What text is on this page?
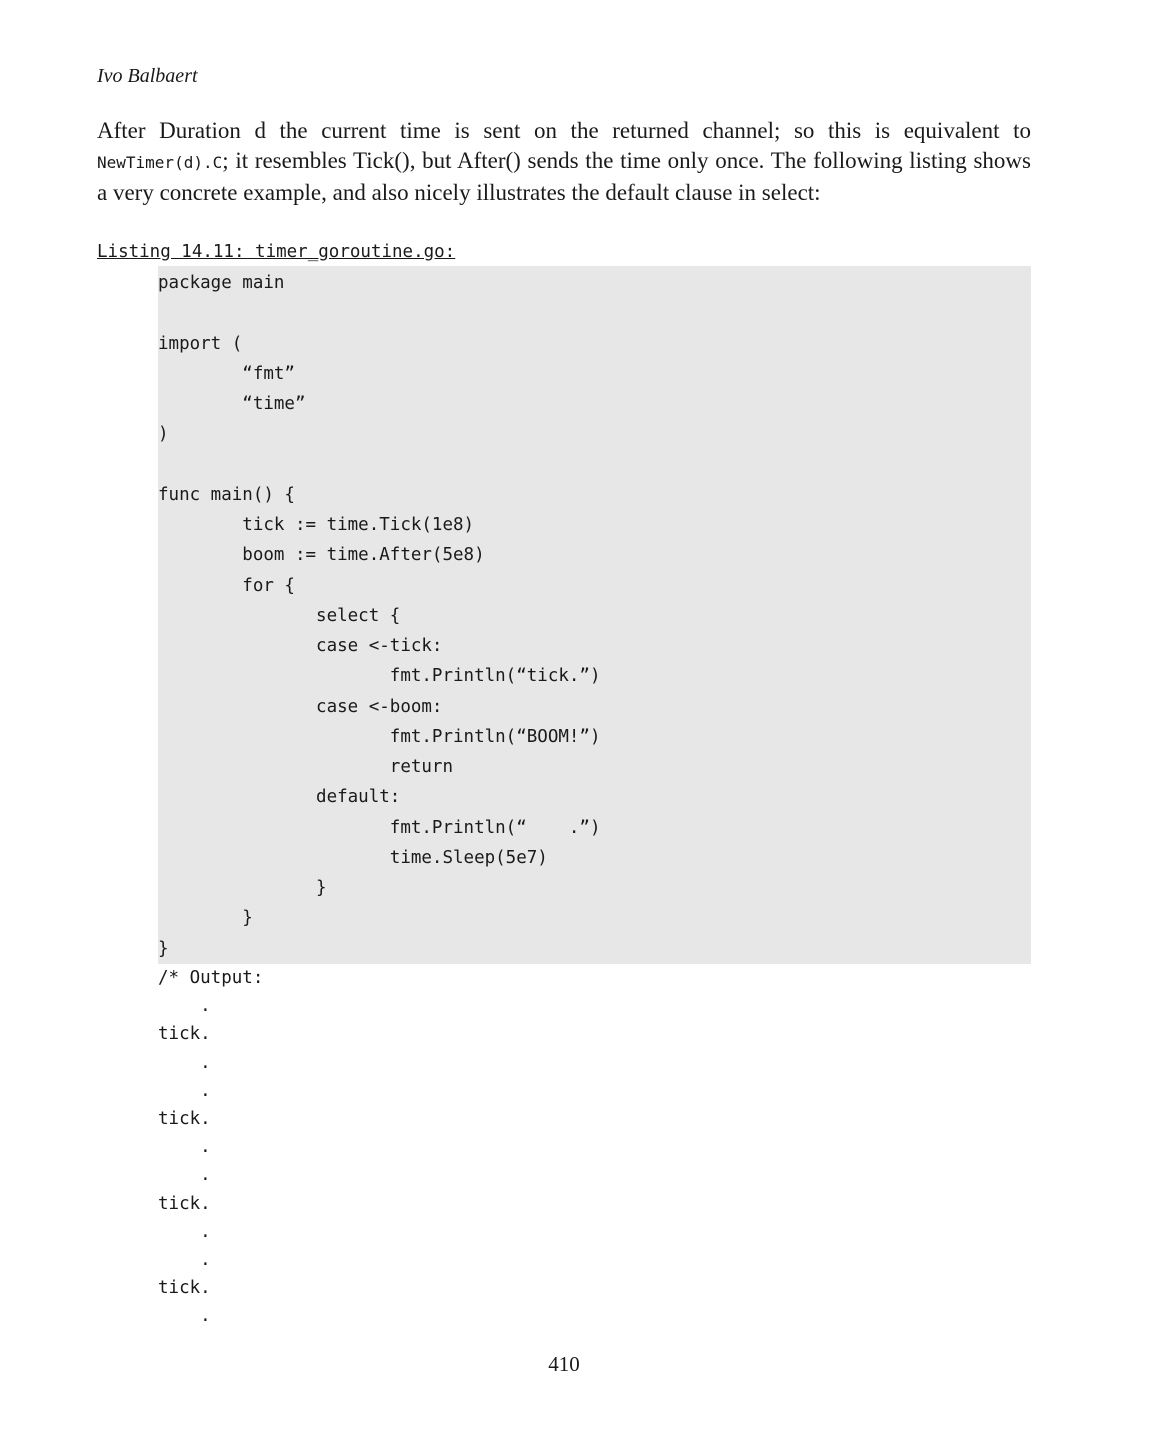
Ivo Balbaert

After Duration d the current time is sent on the returned channel; so this is equivalent to NewTimer(d).C; it resembles Tick(), but After() sends the time only once. The following listing shows a very concrete example, and also nicely illustrates the default clause in select:

Listing 14.11: timer_goroutine.go:
package main
import (
“fmt”
“time”
)
func main() {
tick := time.Tick(1e8)
boom := time.After(5e8)
for {
select {
case <-tick:
fmt.Println(“tick.”)
case <-boom:
fmt.Println(“BOOM!”)
return
default:
fmt.Println(“    .”)
time.Sleep(5e7)
}
}
}
/* Output:
.
tick.
.
.
tick.
.
.
tick.
.
.
tick.
.
410
